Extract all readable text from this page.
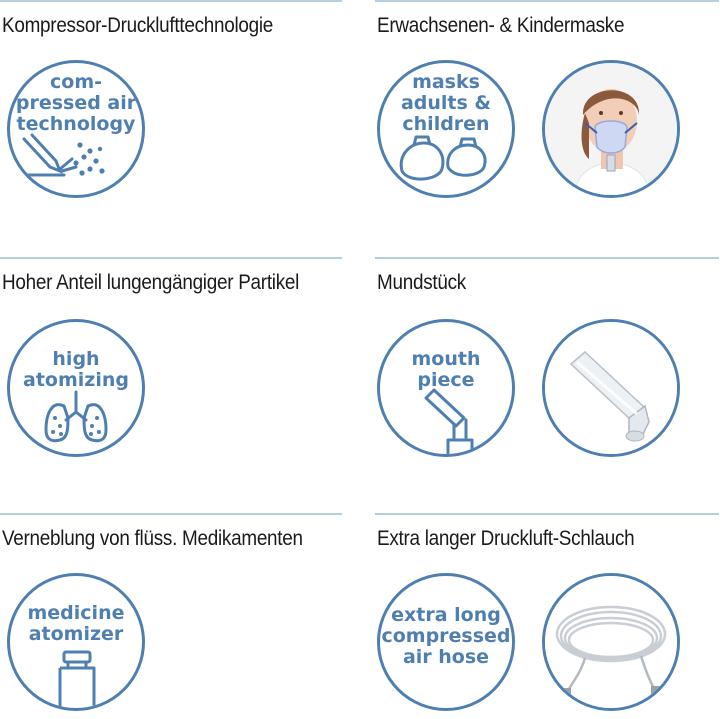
Kompressor-Drucklufttechnologie
com-
pressed air
technology
Erwachsenen- & Kindermaske
masks
adults &
children
Hoher Anteil lungengängiger Partikel
high
atomizing
Mundstück
mouth
piece
Verneblung von flüss. Medikamenten
medicine
atomizer
Extra langer Druckluft-Schlauch
extra long
compressed
air hose
